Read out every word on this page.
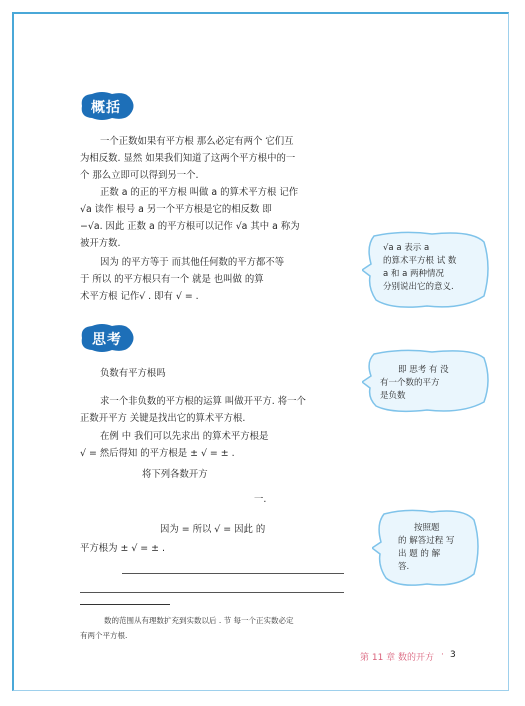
概括
一个正数如果有平方根 那么必定有两个 它们互
为相反数. 显然 如果我们知道了这两个平方根中的一
个 那么立即可以得到另一个.
正数 a 的正的平方根 叫做 a 的算术平方根 记作
√a 读作 根号 a 另一个平方根是它的相反数 即
−√a. 因此 正数 a 的平方根可以记作 √a 其中 a 称为
被开方数.
因为 的平方等于 而其他任何数的平方都不等
于 所以 的平方根只有一个 就是 也叫做 的算
术平方根 记作√ . 即有 √ = .
√a a 表示 a
的算术平方根 试 数
a 和 a 两种情况
分别说出它的意义.
思考
即 思考 有 没
有一个数的平方
是负数
负数有平方根吗
求一个非负数的平方根的运算 叫做开平方. 将一个
正数开平方 关键是找出它的算术平方根.
在例 中 我们可以先求出 的算术平方根是
√ = 然后得知 的平方根是 ± √ = ± .
将下列各数开方
一.
因为 = 所以 √ = 因此 的
平方根为 ± √ = ± .
按照题
的 解答过程 写
出 题 的 解
答.
数的范围从有理数扩充到实数以后 . 节 每一个正实数必定
有两个平方根.
第 11 章 数的开方 · 3
